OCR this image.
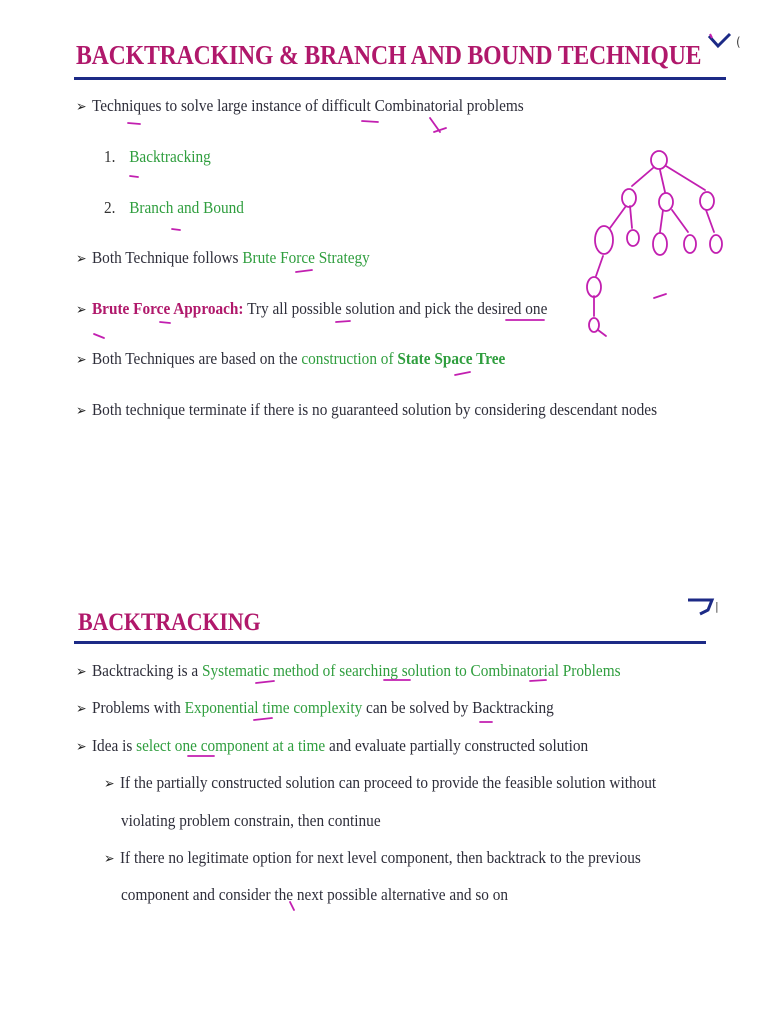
BACKTRACKING & BRANCH AND BOUND TECHNIQUE	(
➢ Techniques to solve large instance of difficult Combinatorial problems
1. Backtracking
2. Branch and Bound
➢ Both Technique follows Brute Force Strategy
➢ Brute Force Approach: Try all possible solution and pick the desired one
➢ Both Techniques are based on the construction of State Space Tree
➢ Both technique terminate if there is no guaranteed solution by considering descendant nodes
BACKTRACKING
|
➢ Backtracking is a Systematic method of searching solution to Combinatorial Problems
➢ Problems with Exponential time complexity can be solved by Backtracking
➢ Idea is select one component at a time and evaluate partially constructed solution
➢ If the partially constructed solution can proceed to provide the feasible solution without
violating problem constrain, then continue
➢ If there no legitimate option for next level component, then backtrack to the previous
component and consider the next possible alternative and so on
